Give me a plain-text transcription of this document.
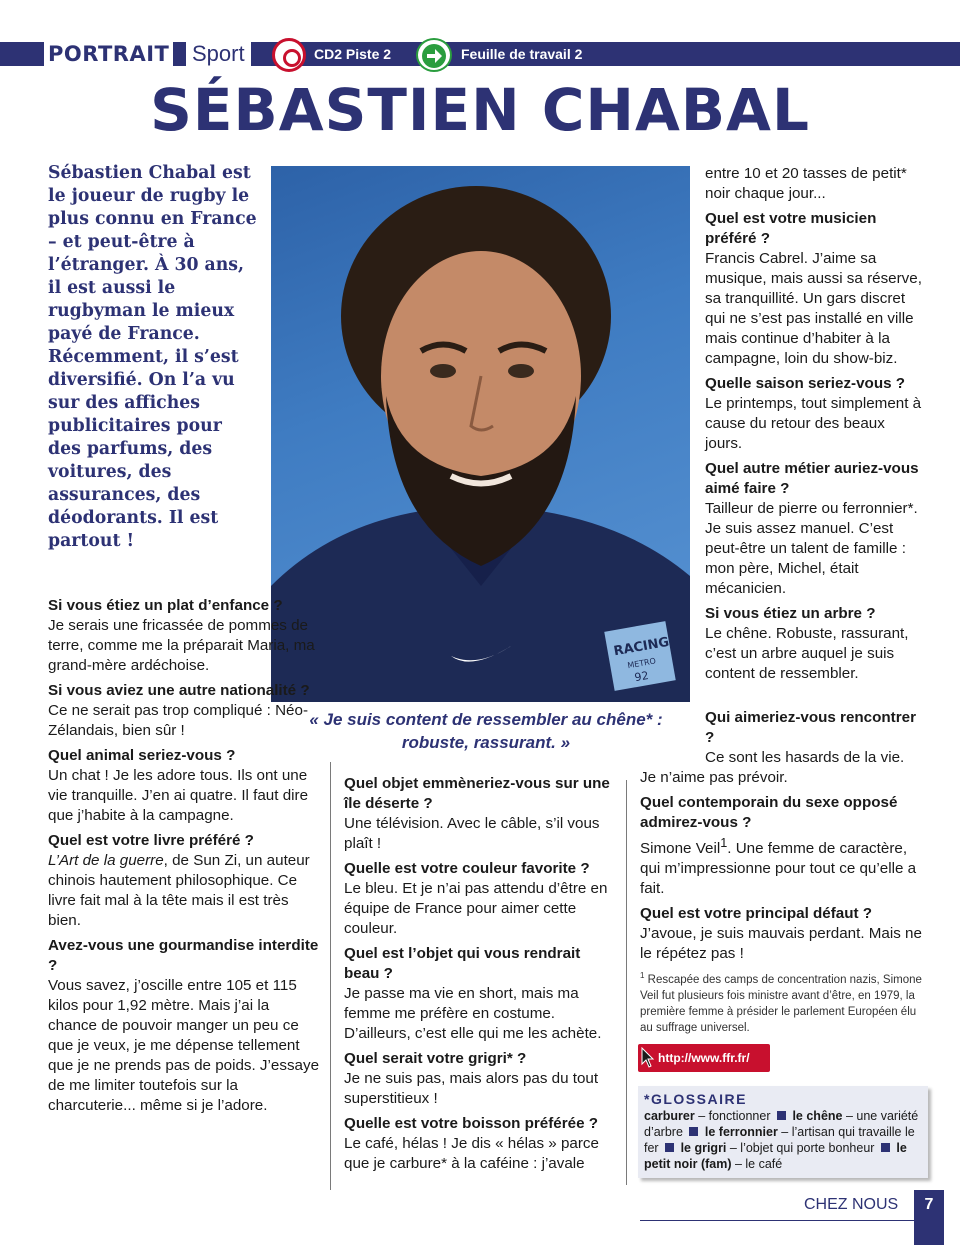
PORTRAIT Sport	CD2 Piste 2	Feuille de travail 2
SÉBASTIEN CHABAL

Sébastien Chabal est le joueur de rugby le plus connu en France – et peut-être à l’étranger. À 30 ans, il est aussi le rugbyman le mieux payé de France. Récemment, il s’est diversifié. On l’a vu sur des affiches publicitaires pour des parfums, des voitures, des assurances, des déodorants. Il est partout !

RACING
METRO
92

« Je suis content de ressembler au chêne* : robuste, rassurant. »

Si vous étiez un plat d’enfance ?

Je serais une fricassée de pommes de terre, comme me la préparait Maria, ma grand-mère ardéchoise.

Si vous aviez une autre nationalité ?

Ce ne serait pas trop compliqué : Néo-Zélandais, bien sûr !

Quel animal seriez-vous ?

Un chat ! Je les adore tous. Ils ont une vie tranquille. J’en ai quatre. Il faut dire que j’habite à la campagne.

Quel est votre livre préféré ?

L’Art de la guerre, de Sun Zi, un auteur chinois hautement philosophique. Ce livre fait mal à la tête mais il est très bien.

Avez-vous une gourmandise interdite ?

Vous savez, j’oscille entre 105 et 115 kilos pour 1,92 mètre. Mais j’ai la chance de pouvoir manger un peu ce que je veux, je me dépense tellement que je ne prends pas de poids. J’essaye de me limiter toutefois sur la charcuterie... même si je l’adore.

Quel objet emmèneriez-vous sur une île déserte ?

Une télévision. Avec le câble, s’il vous plaît !

Quelle est votre couleur favorite ?

Le bleu. Et je n’ai pas attendu d’être en équipe de France pour aimer cette couleur.

Quel est l’objet qui vous rendrait beau ?

Je passe ma vie en short, mais ma femme me préfère en costume. D’ailleurs, c’est elle qui me les achète.

Quel serait votre grigri* ?

Je ne suis pas, mais alors pas du tout superstitieux !

Quelle est votre boisson préférée ?

Le café, hélas ! Je dis « hélas » parce que je carbure* à la caféine : j’avale

entre 10 et 20 tasses de petit* noir chaque jour...

Quel est votre musicien préféré ?

Francis Cabrel. J’aime sa musique, mais aussi sa réserve, sa tranquillité. Un gars discret qui ne s’est pas installé en ville mais continue d’habiter à la campagne, loin du show-biz.

Quelle saison seriez-vous ?

Le printemps, tout simplement à cause du retour des beaux jours.

Quel autre métier auriez-vous aimé faire ?

Tailleur de pierre ou ferronnier*. Je suis assez manuel. C’est peut-être un talent de famille : mon père, Michel, était mécanicien.

Si vous étiez un arbre ?

Le chêne. Robuste, rassurant, c’est un arbre auquel je suis content de ressembler.

Qui aimeriez-vous rencontrer ?

Ce sont les hasards de la vie.

Je n’aime pas prévoir.

Quel contemporain du sexe opposé admirez-vous ?

Simone Veil$^1$. Une femme de caractère, qui m’impressionne pour tout ce qu’elle a fait.

Quel est votre principal défaut ?

J’avoue, je suis mauvais perdant. Mais ne le répétez pas !

$^1$ Rescapée des camps de concentration nazis, Simone Veil fut plusieurs fois ministre avant d’être, en 1979, la première femme à présider le parlement Européen élu au suffrage universel.

http://www.ffr.fr/
*GLOSSAIRE
carburer – fonctionner le chêne – une variété d’arbre le ferronnier – l’artisan qui travaille le fer le grigri – l’objet qui porte bonheur le petit noir (fam) – le café
CHEZ NOUS	7
